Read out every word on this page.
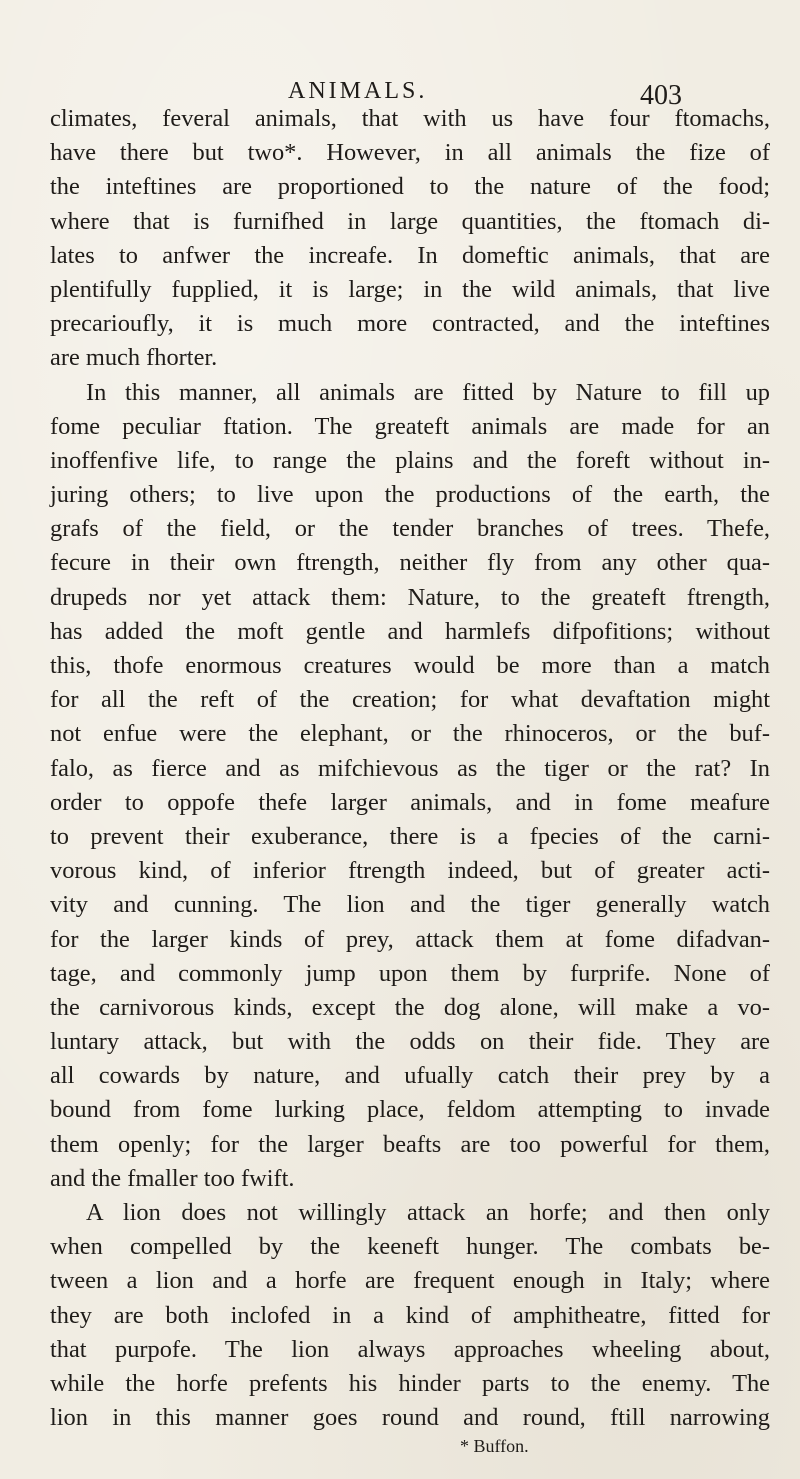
ANIMALS.	403
climates, feveral animals, that with us have four ftomachs,
have there but two*. However, in all animals the fize of
the inteftines are proportioned to the nature of the food;
where that is furnifhed in large quantities, the ftomach di-
lates to anfwer the increafe. In domeftic animals, that are
plentifully fupplied, it is large; in the wild animals, that live
precarioufly, it is much more contracted, and the inteftines
are much fhorter.
In this manner, all animals are fitted by Nature to fill up
fome peculiar ftation. The greateft animals are made for an
inoffenfive life, to range the plains and the foreft without in-
juring others; to live upon the productions of the earth, the
grafs of the field, or the tender branches of trees. Thefe,
fecure in their own ftrength, neither fly from any other qua-
drupeds nor yet attack them: Nature, to the greateft ftrength,
has added the moft gentle and harmlefs difpofitions; without
this, thofe enormous creatures would be more than a match
for all the reft of the creation; for what devaftation might
not enfue were the elephant, or the rhinoceros, or the buf-
falo, as fierce and as mifchievous as the tiger or the rat? In
order to oppofe thefe larger animals, and in fome meafure
to prevent their exuberance, there is a fpecies of the carni-
vorous kind, of inferior ftrength indeed, but of greater acti-
vity and cunning. The lion and the tiger generally watch
for the larger kinds of prey, attack them at fome difadvan-
tage, and commonly jump upon them by furprife. None of
the carnivorous kinds, except the dog alone, will make a vo-
luntary attack, but with the odds on their fide. They are
all cowards by nature, and ufually catch their prey by a
bound from fome lurking place, feldom attempting to invade
them openly; for the larger beafts are too powerful for them,
and the fmaller too fwift.
A lion does not willingly attack an horfe; and then only
when compelled by the keeneft hunger. The combats be-
tween a lion and a horfe are frequent enough in Italy; where
they are both inclofed in a kind of amphitheatre, fitted for
that purpofe. The lion always approaches wheeling about,
while the horfe prefents his hinder parts to the enemy. The
lion in this manner goes round and round, ftill narrowing
* Buffon.
